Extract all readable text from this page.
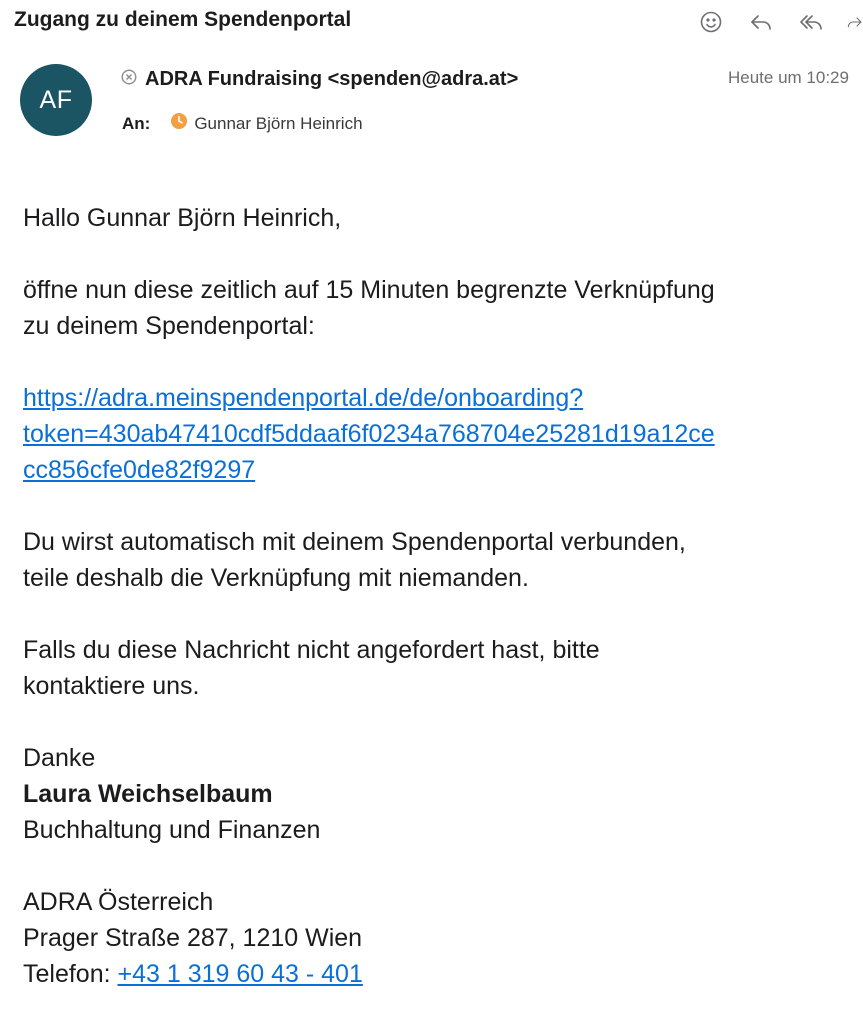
Zugang zu deinem Spendenportal
AF
ADRA Fundraising <spenden@adra.at>	Heute um 10:29
An:	Gunnar Björn Heinrich

Hallo Gunnar Björn Heinrich,

öffne nun diese zeitlich auf 15 Minuten begrenzte Verknüpfung
zu deinem Spendenportal:

https://adra.meinspendenportal.de/de/onboarding?
token=430ab47410cdf5ddaaf6f0234a768704e25281d19a12ce
cc856cfe0de82f9297

Du wirst automatisch mit deinem Spendenportal verbunden,
teile deshalb die Verknüpfung mit niemanden.

Falls du diese Nachricht nicht angefordert hast, bitte
kontaktiere uns.

Danke
Laura Weichselbaum
Buchhaltung und Finanzen

ADRA Österreich
Prager Straße 287, 1210 Wien
Telefon: +43 1 319 60 43 - 401
